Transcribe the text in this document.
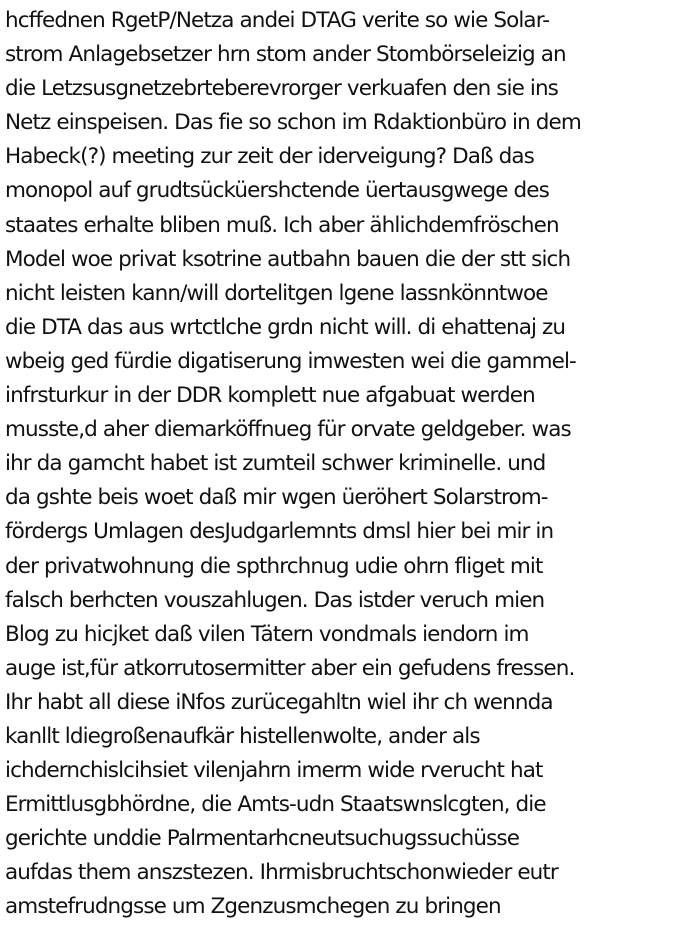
hcffednen RgetP/Netza andei DTAG verite so wie Solar-
strom Anlagebsetzer hrn stom ander Stombörseleizig an
die Letzsusgnetzebrteberevrorger verkuafen den sie ins
Netz einspeisen. Das fie so schon im Rdaktionbüro in dem
Habeck(?) meeting zur zeit der iderveigung? Daß das
monopol auf grudtsücküershctende üertausgwege des
staates erhalte bliben muß. Ich aber ählichdemfröschen
Model woe privat ksotrine autbahn bauen die der stt sich
nicht leisten kann/will dortelitgen lgene lassnkönntwoe
die DTA das aus wrtctlche grdn nicht will. di ehattenaj zu
wbeig ged fürdie digatiserung imwesten wei die gammel-
infrsturkur in der DDR komplett nue afgabuat werden
musste,d aher diemarköffnueg für orvate geldgeber. was
ihr da gamcht habet ist zumteil schwer kriminelle. und
da gshte beis woet daß mir wgen üeröhert Solarstrom-
fördergs Umlagen desJudgarlemnts dmsl hier bei mir in
der privatwohnung die spthrchnug udie ohrn fliget mit
falsch berhcten vouszahlugen. Das istder veruch mien
Blog zu hicjket daß vilen Tätern vondmals iendorn im
auge ist,für atkorrutosermitter aber ein gefudens fressen.
Ihr habt all diese iNfos zurücegahltn wiel ihr ch wennda
kanllt ldiegroßenaufkär histellenwolte, ander als
ichdernchislcihsiet vilenjahrn imerm wide rverucht hat
Ermittlusgbhördne, die Amts-udn Staatswnslcgten, die
gerichte unddie Palrmentarhcneutsuchugssuchüsse
aufdas them anszstezen. Ihrmisbruchtschonwieder eutr
amstefrudngsse um Zgenzusmchegen zu bringen
